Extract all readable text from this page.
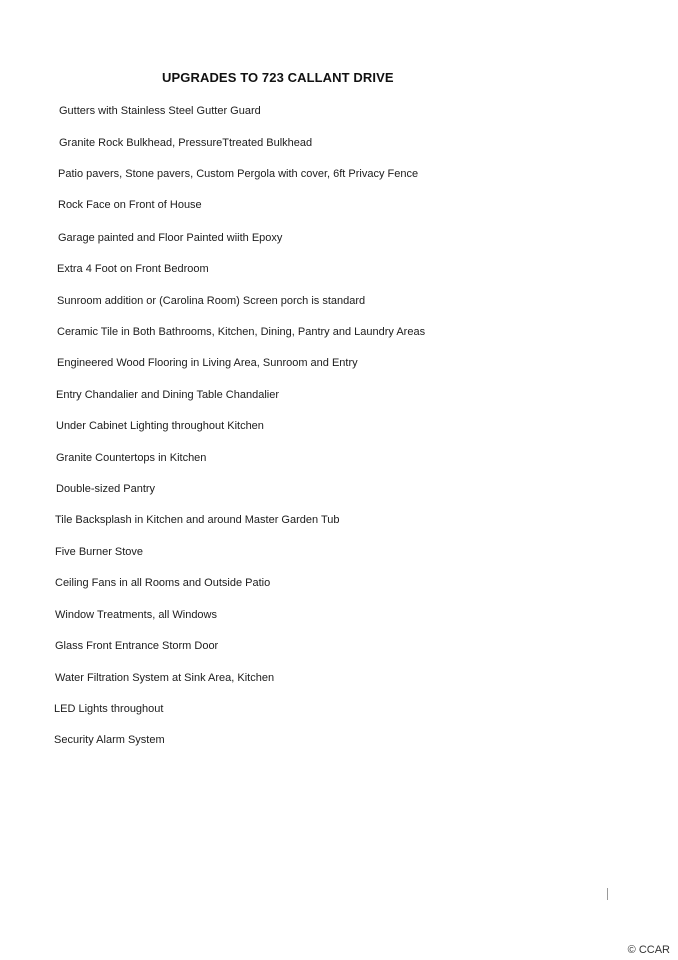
UPGRADES TO 723 CALLANT DRIVE
Gutters with Stainless Steel Gutter Guard
Granite Rock Bulkhead, PressureTtreated Bulkhead
Patio pavers, Stone pavers, Custom Pergola with cover, 6ft Privacy Fence
Rock Face on Front of House
Garage painted and Floor Painted wiith Epoxy
Extra 4 Foot on Front Bedroom
Sunroom addition or (Carolina Room) Screen porch is standard
Ceramic Tile in Both Bathrooms, Kitchen, Dining, Pantry and Laundry Areas
Engineered Wood Flooring in Living Area, Sunroom and Entry
Entry Chandalier and Dining Table Chandalier
Under Cabinet Lighting throughout Kitchen
Granite Countertops in Kitchen
Double-sized Pantry
Tile Backsplash in Kitchen and around Master Garden Tub
Five Burner Stove
Ceiling Fans in all Rooms and Outside Patio
Window Treatments, all Windows
Glass Front Entrance Storm Door
Water Filtration System at Sink Area, Kitchen
LED Lights throughout
Security Alarm System
© CCAR
